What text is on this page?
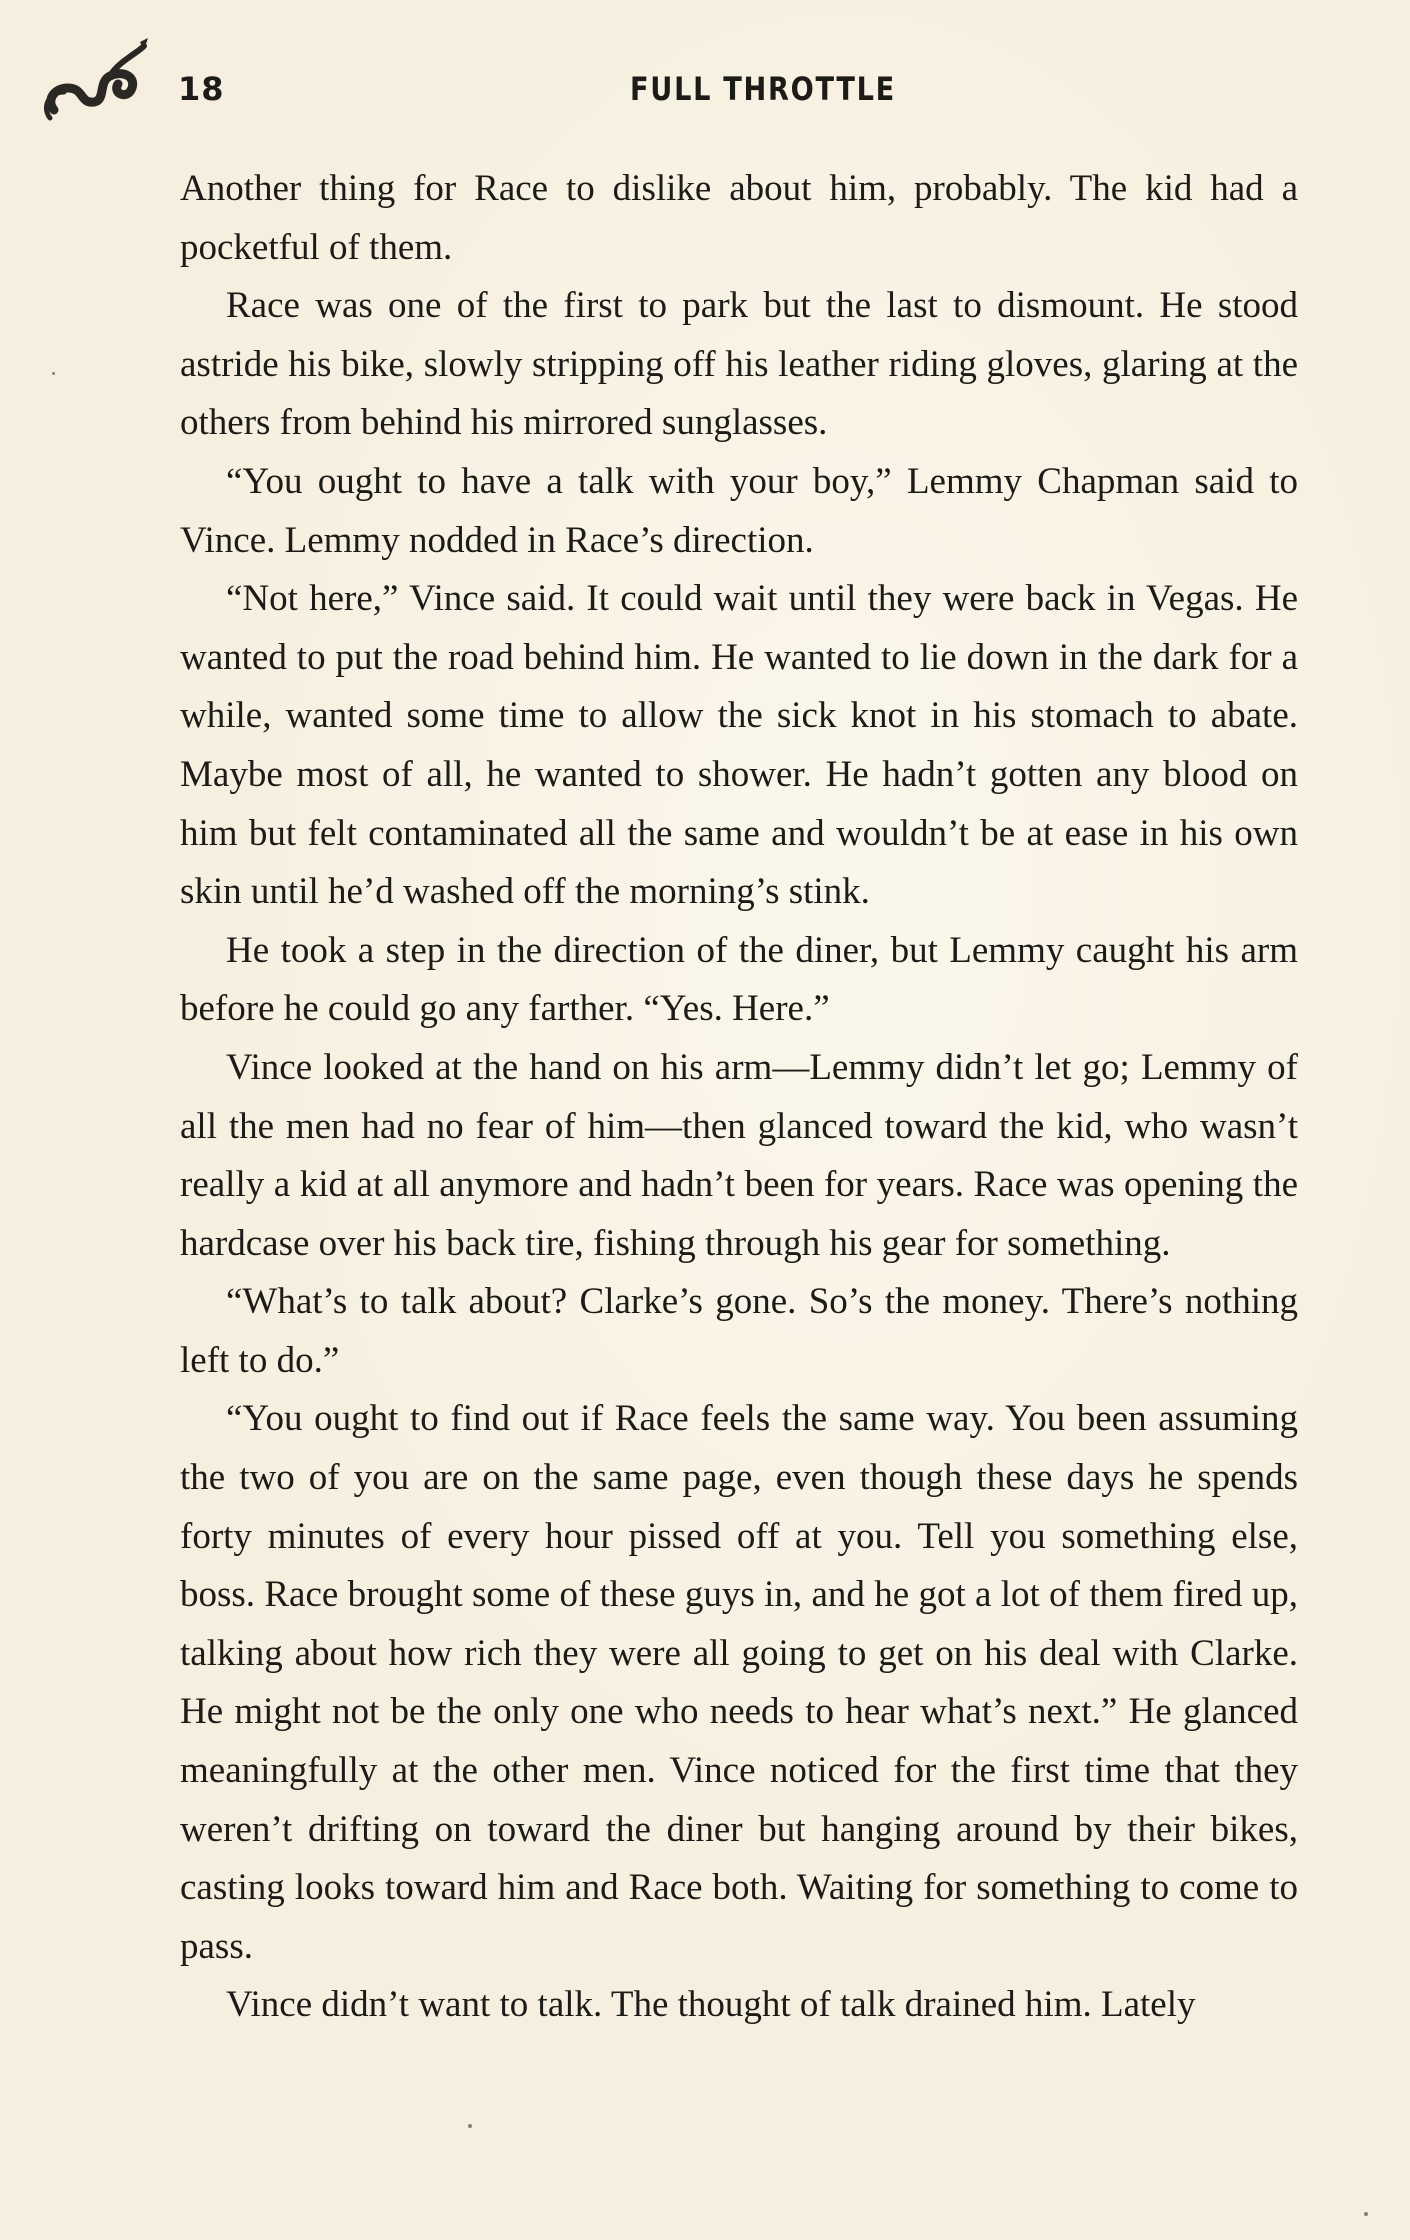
18	FULL THROTTLE

Another thing for Race to dislike about him, probably. The kid had a pocketful of them.

Race was one of the first to park but the last to dismount. He stood astride his bike, slowly stripping off his leather riding gloves, glaring at the others from behind his mirrored sunglasses.

“You ought to have a talk with your boy,” Lemmy Chapman said to Vince. Lemmy nodded in Race’s direction.

“Not here,” Vince said. It could wait until they were back in Vegas. He wanted to put the road behind him. He wanted to lie down in the dark for a while, wanted some time to allow the sick knot in his stomach to abate. Maybe most of all, he wanted to shower. He hadn’t gotten any blood on him but felt contaminated all the same and wouldn’t be at ease in his own skin until he’d washed off the morning’s stink.

He took a step in the direction of the diner, but Lemmy caught his arm before he could go any farther. “Yes. Here.”

Vince looked at the hand on his arm—Lemmy didn’t let go; Lemmy of all the men had no fear of him—then glanced toward the kid, who wasn’t really a kid at all anymore and hadn’t been for years. Race was opening the hardcase over his back tire, fishing through his gear for something.

“What’s to talk about? Clarke’s gone. So’s the money. There’s nothing left to do.”

“You ought to find out if Race feels the same way. You been assuming the two of you are on the same page, even though these days he spends forty minutes of every hour pissed off at you. Tell you something else, boss. Race brought some of these guys in, and he got a lot of them fired up, talking about how rich they were all going to get on his deal with Clarke. He might not be the only one who needs to hear what’s next.” He glanced meaningfully at the other men. Vince noticed for the first time that they weren’t drifting on toward the diner but hanging around by their bikes, casting looks toward him and Race both. Waiting for something to come to pass.

Vince didn’t want to talk. The thought of talk drained him. Lately
